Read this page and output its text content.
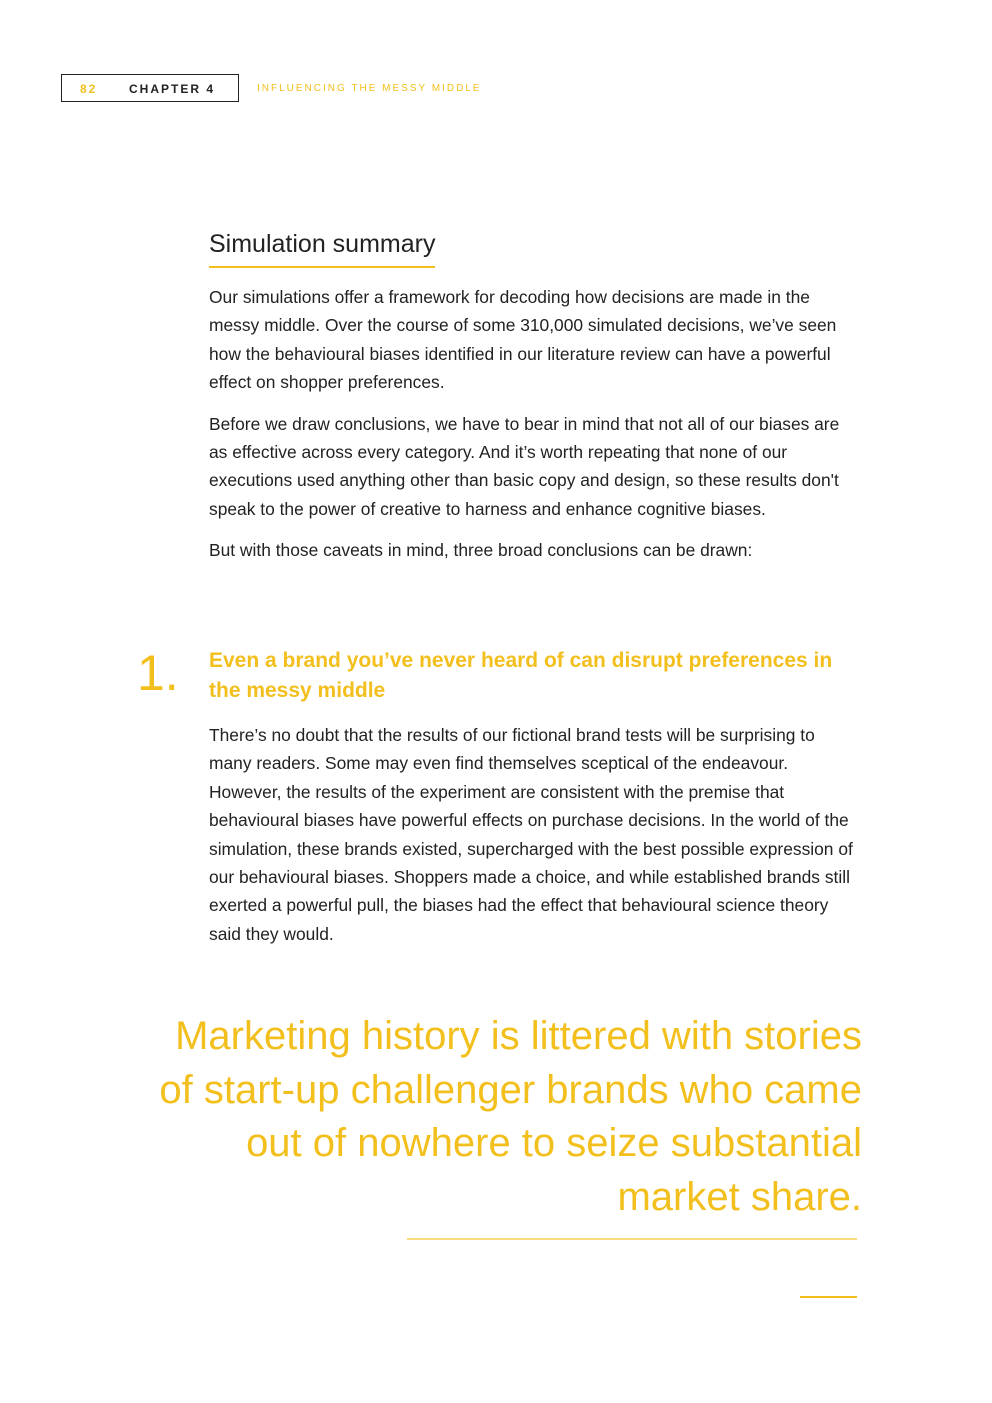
82	CHAPTER 4	INFLUENCING THE MESSY MIDDLE
Simulation summary

Our simulations offer a framework for decoding how decisions are made in the messy middle. Over the course of some 310,000 simulated decisions, we’ve seen how the behavioural biases identified in our literature review can have a powerful effect on shopper preferences.

Before we draw conclusions, we have to bear in mind that not all of our biases are as effective across every category. And it’s worth repeating that none of our executions used anything other than basic copy and design, so these results don't speak to the power of creative to harness and enhance cognitive biases.

But with those caveats in mind, three broad conclusions can be drawn:

1. Even a brand you’ve never heard of can disrupt preferences in the messy middle

There’s no doubt that the results of our fictional brand tests will be surprising to many readers. Some may even find themselves sceptical of the endeavour. However, the results of the experiment are consistent with the premise that behavioural biases have powerful effects on purchase decisions. In the world of the simulation, these brands existed, supercharged with the best possible expression of our behavioural biases. Shoppers made a choice, and while established brands still exerted a powerful pull, the biases had the effect that behavioural science theory said they would.

Marketing history is littered with stories of start-up challenger brands who came out of nowhere to seize substantial market share.
